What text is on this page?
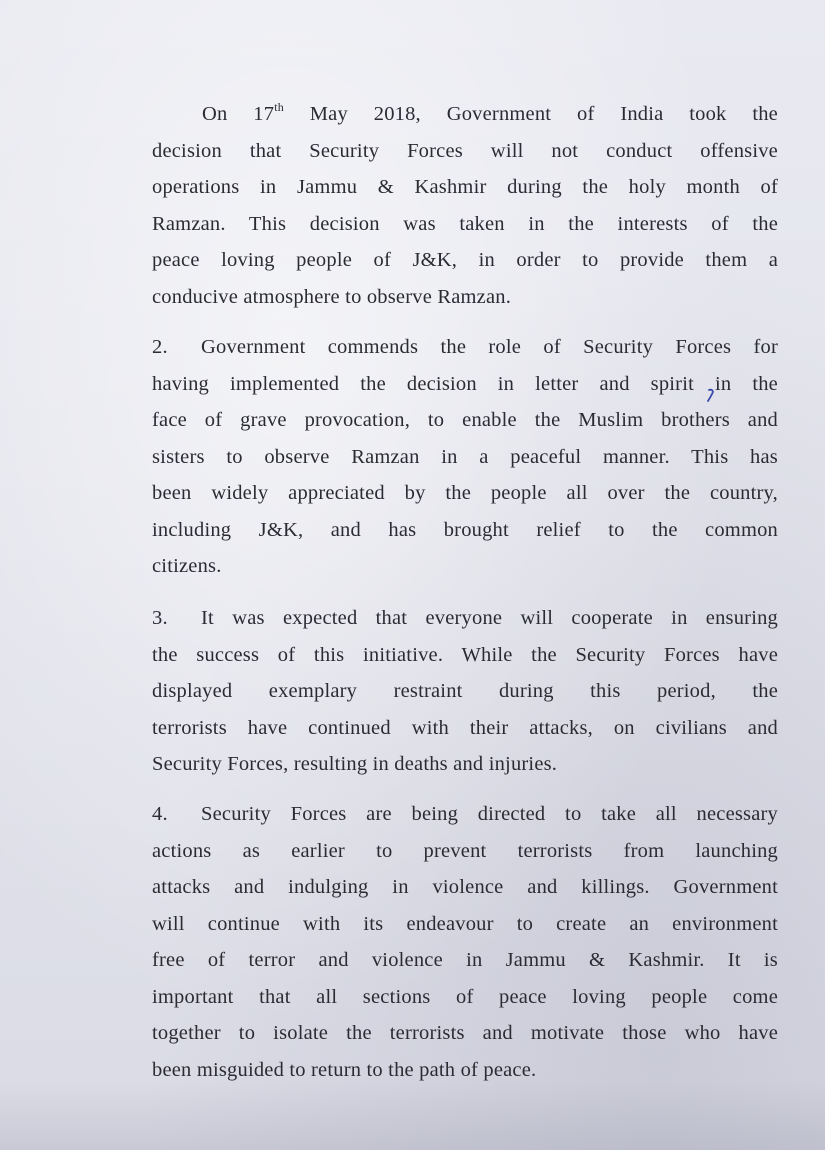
On 17th May 2018, Government of India took the
decision that Security Forces will not conduct offensive
operations in Jammu & Kashmir during the holy month of
Ramzan. This decision was taken in the interests of the
peace loving people of J&K, in order to provide them a
conducive atmosphere to observe Ramzan.
2. Government commends the role of Security Forces for
having implemented the decision in letter and spirit in the
face of grave provocation, to enable the Muslim brothers and
sisters to observe Ramzan in a peaceful manner. This has
been widely appreciated by the people all over the country,
including J&K, and has brought relief to the common
citizens.
3. It was expected that everyone will cooperate in ensuring
the success of this initiative. While the Security Forces have
displayed exemplary restraint during this period, the
terrorists have continued with their attacks, on civilians and
Security Forces, resulting in deaths and injuries.
4. Security Forces are being directed to take all necessary
actions as earlier to prevent terrorists from launching
attacks and indulging in violence and killings. Government
will continue with its endeavour to create an environment
free of terror and violence in Jammu & Kashmir. It is
important that all sections of peace loving people come
together to isolate the terrorists and motivate those who have
been misguided to return to the path of peace.
